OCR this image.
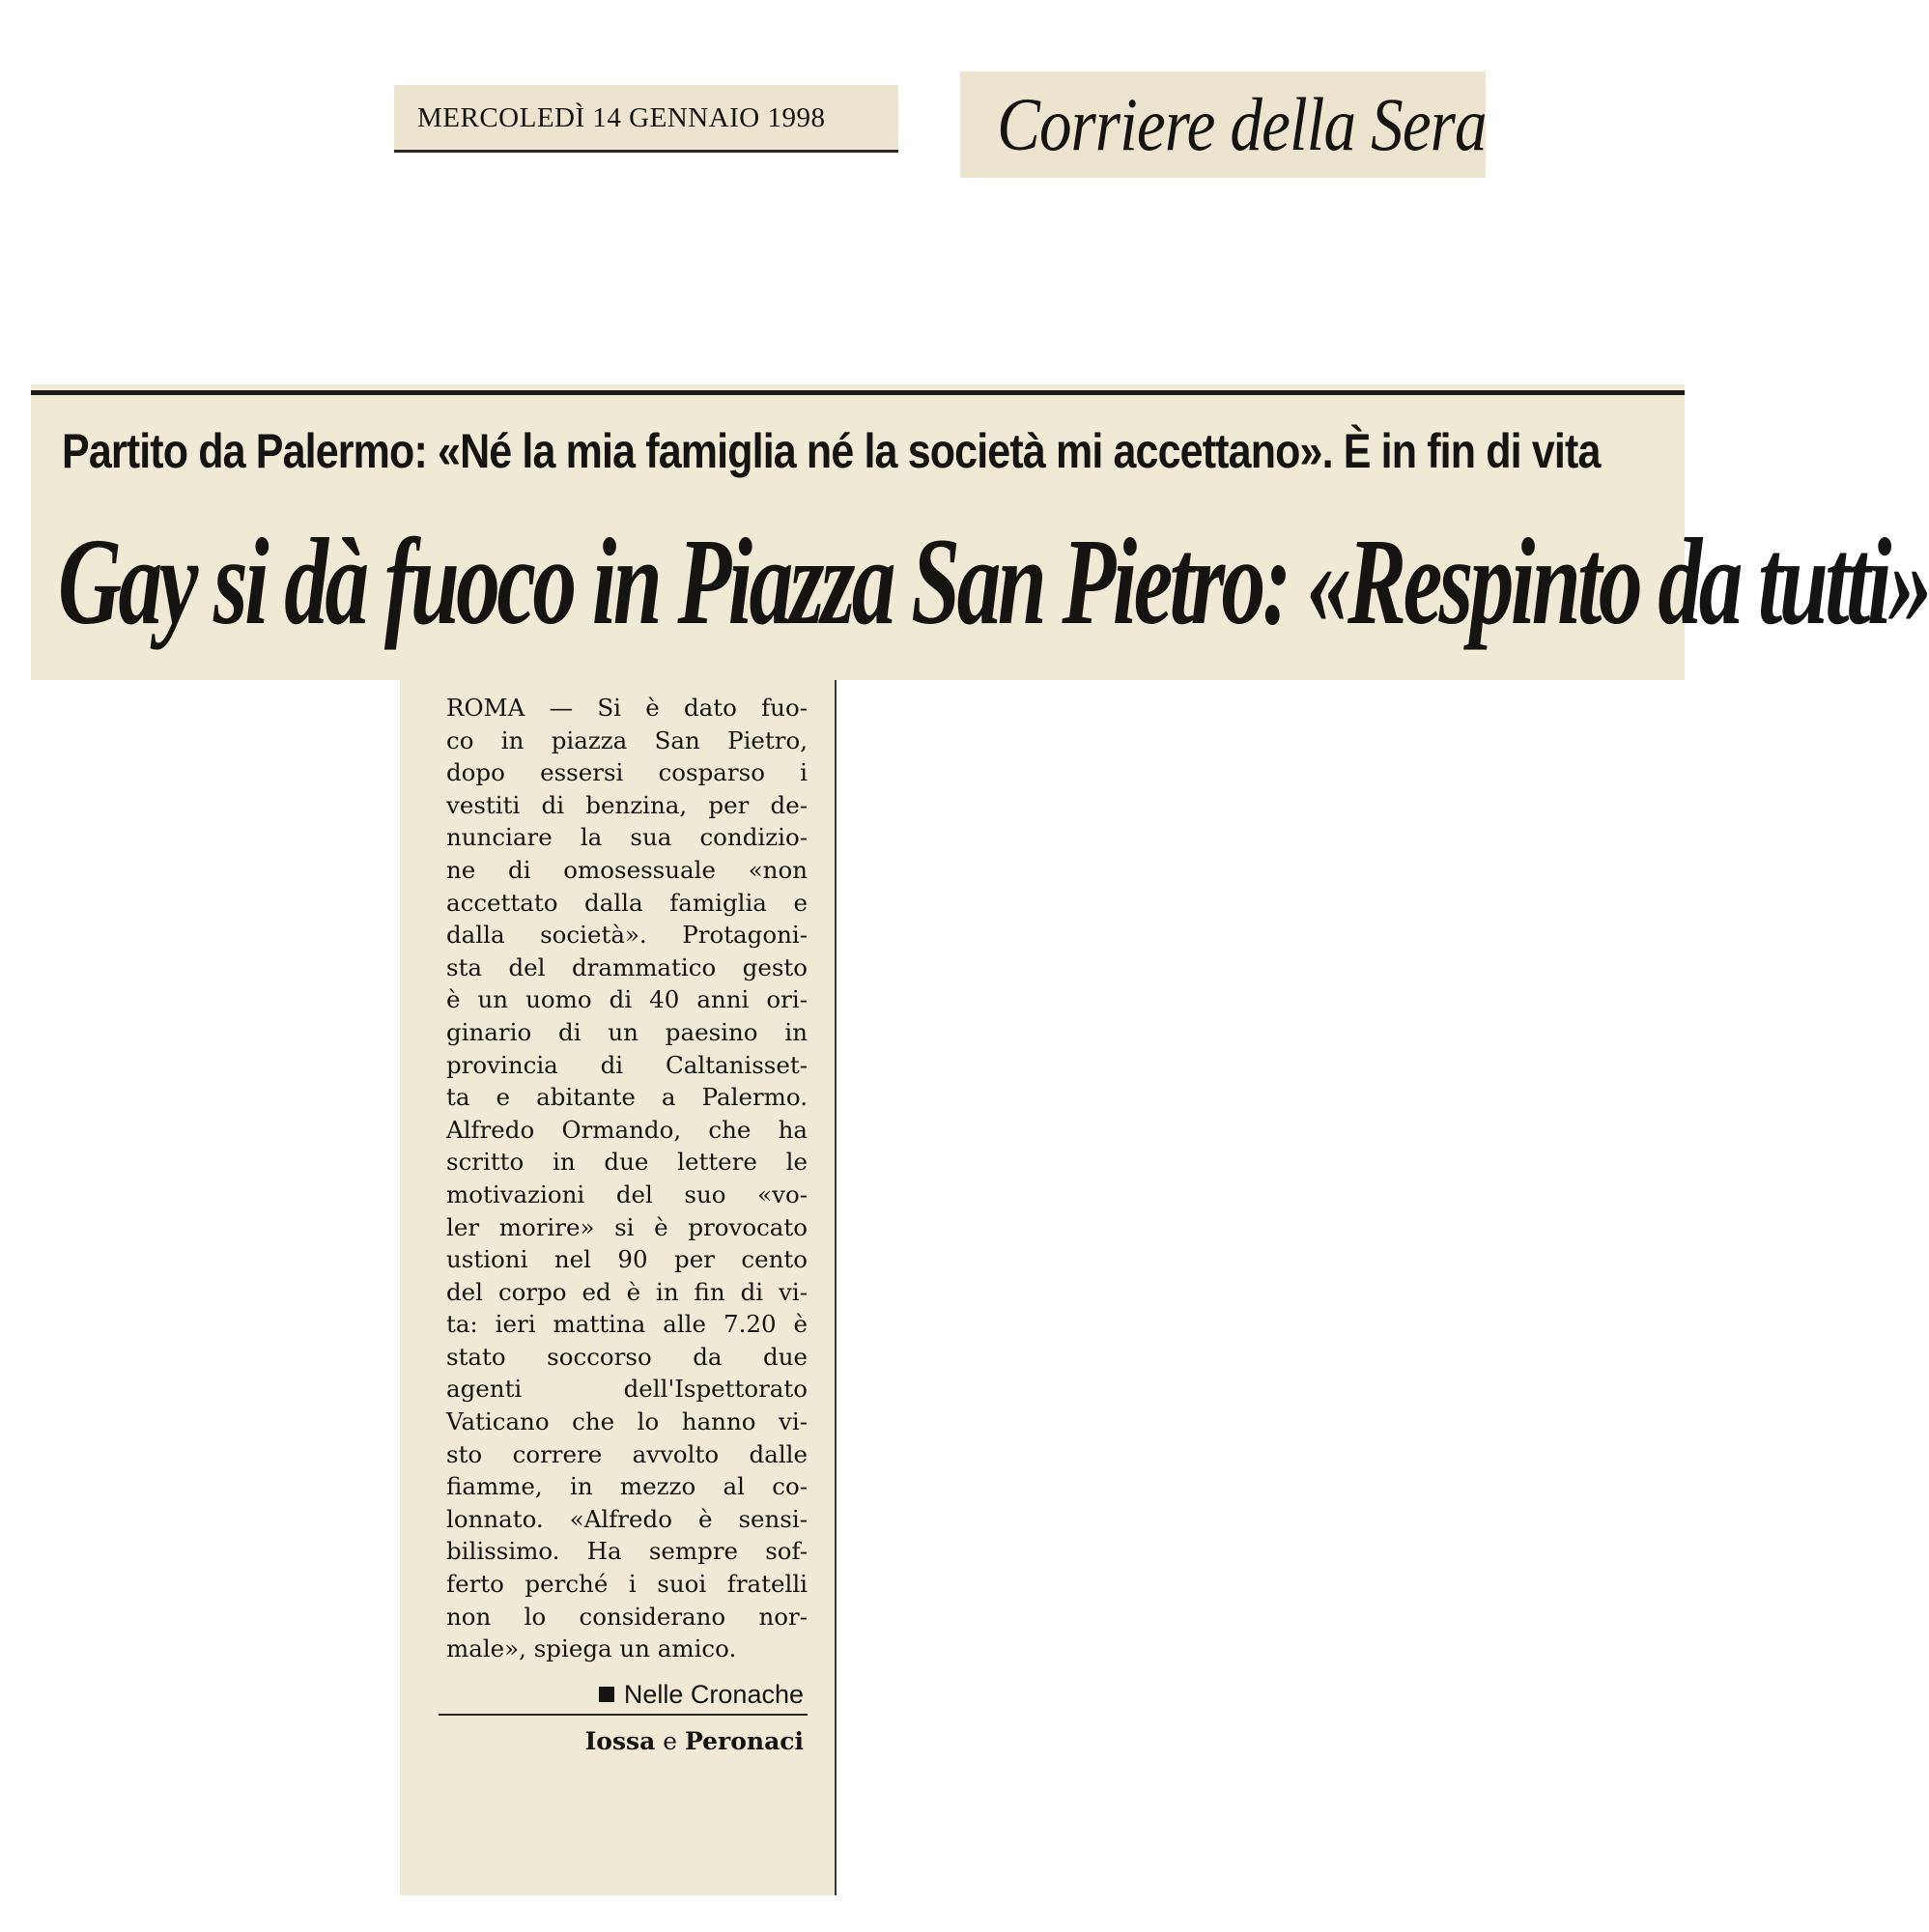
MERCOLEDÌ 14 GENNAIO 1998 Corriere della Sera
Partito da Palermo: «Né la mia famiglia né la società mi accettano». È in fin di vita
Gay si dà fuoco in Piazza San Pietro: «Respinto da tutti»
ROMA — Si è dato fuo-
co in piazza San Pietro,
dopo essersi cosparso i
vestiti di benzina, per de-
nunciare la sua condizio-
ne di omosessuale «non
accettato dalla famiglia e
dalla società». Protagoni-
sta del drammatico gesto
è un uomo di 40 anni ori-
ginario di un paesino in
provincia di Caltaniss​et-
ta e abitante a Palermo.
Alfredo Ormando, che ha
scritto in due lettere le
motivazioni del suo «vo-
ler morire» si è provocato
ustioni nel 90 per cento
del corpo ed è in fin di vi-
ta: ieri mattina alle 7.20 è
stato soccorso da due
agenti dell'Ispettorato
Vaticano che lo hanno vi-
sto correre avvolto dalle
fiamme, in mezzo al co-
lonnato. «Alfredo è sensi-
bilissimo. Ha sempre sof-
ferto perché i suoi fratelli
non lo considerano nor-
male», spiega un amico.
Nelle Cronache
Iossa e Peronaci
